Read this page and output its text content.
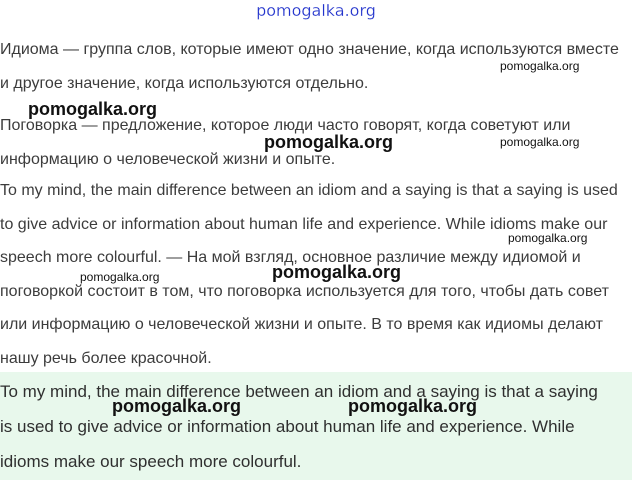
pomogalka.org

Идиома — группа слов, которые имеют одно значение, когда используются вместе и другое значение, когда используются отдельно.

Поговорка — предложение, которое люди часто говорят, когда советуют или информацию о человеческой жизни и опыте.

To my mind, the main difference between an idiom and a saying is that a saying is used to give advice or information about human life and experience. While idioms make our speech more colourful. — На мой взгляд, основное различие между идиомой и поговоркой состоит в том, что поговорка используется для того, чтобы дать совет или информацию о человеческой жизни и опыте. В то время как идиомы делают нашу речь более красочной.

To my mind, the main difference between an idiom and a saying is that a saying is used to give advice or information about human life and experience. While idioms make our speech more colourful.

pomogalka.org
pomogalka.org
pomogalka.org	pomogalka.org
pomogalka.org
pomogalka.org
pomogalka.org
pomogalka.org	pomogalka.org
